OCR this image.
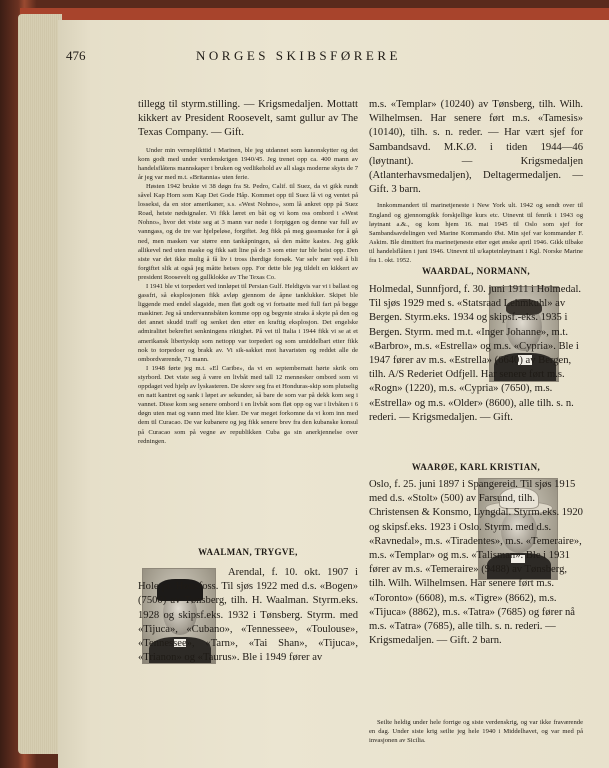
476	NORGES SKIBSFØRERE

tillegg til styrm.stilling. — Krigsmedaljen. Mottatt kikkert av President Roosevelt, samt gullur av The Texas Company. — Gift.

Under min verneplikttid i Marinen, ble jeg utdannet som kanonskytter og det kom godt med under verdenskrigen 1940/45. Jeg trenet opp ca. 400 mann av handelsflåtens mannskaper i bruken og vedlikehold av all slags moderne skyts de 7 år jeg var med m.t. «Britannia» uten ferie.

Høsten 1942 brukte vi 38 døgn fra St. Pedro, Calif. til Suez, da vi gikk rundt såvel Kap Horn som Kap Det Gode Håp. Kommet opp til Suez lå vi og ventet på losseksi, da en stor amerikaner, s.s. «West Nohno», som lå ankret opp på Suez Road, heiste nødsignaler. Vi fikk læret en båt og vi kom oss ombord i «West Nohno», hvor det viste seg at 3 mann var nede i forpiggen og denne var full av vanngass, og de tre var hjelpeløse, forgiftet. Jeg fikk på meg gassmaske for å gå ned, men masken var større enn tankåpningen, så den måtte kastes. Jeg gikk allikevel ned uten maske og fikk satt line på de 3 som etter tur ble heist opp. Den siste var det ikke mulig å få liv i tross iherdige forsøk. Var selv nær ved å bli forgiftet slik at også jeg måtte heises opp. For dette ble jeg tildelt en kikkert av president Roosevelt og gullklokke av The Texas Co.

I 1941 ble vi torpedert ved innløpet til Persian Gulf. Heldigvis var vi i ballast og gassfri, så eksplosjonen fikk avløp gjennom de åpne tanklukker. Skipet ble liggende med endel slagside, men fløt godt og vi fortsatte med full fart på begge maskiner. Jeg så undervannsbåten komme opp og begynte straks å skyte på den og det annet skudd traff og senket den etter en kraftig eksplosjon. Det engelske admiralitet bekreftet senkningens riktighet. På vei til Italia i 1944 fikk vi se at et amerikansk libertyskip som nettopp var torpedert og som umiddelbart etter fikk nok to torpedoer og brakk av. Vi sik-sakket mot havaristen og reddet alle de ombordværende, 71 mann.

I 1948 førte jeg m.t. «El Caribe», da vi en septembernatt hørte skrik om styrbord. Det viste seg å være en livbåt med tall 12 mennesker ombord som vi oppdaget ved hjelp av lyskasteren. De skrev seg fra et Honduras-skip som plutselig en natt kantret og sank i løpet av sekunder, så bare de som var på dekk kom seg i vannet. Disse kom seg senere ombord i en livbåt som fløt opp og var i livbåten i 6 døgn uten mat og vann med lite klær. De var meget forkomne da vi kom inn med dem til Curacao. De var kubanere og jeg fikk senere brev fra den kubanske konsul på Curacao som på vegne av republikken Cuba ga sin anerkjennelse over redningen.

WAALMAN, TRYGVE,

Arendal, f. 10. okt. 1907 i Hole pr. Hønefoss. Til sjøs 1922 med d.s. «Bogen» (7500) av Tønsberg, tilh. H. Waalman. Styrm.eks. 1928 og skipsf.eks. 1932 i Tønsberg. Styrm. med «Tijuca», «Cubano», «Tennessee», «Toulouse», «Tennessee», «Tarn», «Tai Shan», «Tijuca», «Trianon» og «Taurus». Ble i 1949 fører av

m.s. «Templar» (10240) av Tønsberg, tilh. Wilh. Wilhelmsen. Har senere ført m.s. «Tamesis» (10140), tilh. s. n. reder. — Har vært sjef for Sambandsavd. M.K.Ø. i tiden 1944—46 (løytnant). — Krigsmedaljen (Atlanterhavsmedaljen), Deltagermedaljen. — Gift. 3 barn.

Innkommandert til marinetjeneste i New York ult. 1942 og sendt over til England og gjennomgikk forskjellige kurs etc. Utnevnt til fenrik i 1943 og løytnant a.&., og kom hjem 16. mai 1945 til Oslo som sjef for Sambandsavdelingen ved Marine Kommando Øst. Min sjef var kommandør F. Askim. Ble dimittert fra marinetjeneste etter eget ønske april 1946. Gikk tilbake til handelsflåten i juni 1946. Utnevnt til u/kapteinløytnant i Kgl. Norske Marine fra 1. okt. 1952.

WAARDAL, NORMANN,

Holmedal, Sunnfjord, f. 30. juni 1911 i Holmedal. Til sjøs 1929 med s. «Statsraad Lehmkuhl» av Bergen. Styrm.eks. 1934 og skipsf.-eks. 1935 i Bergen. Styrm. med m.t. «Inger Johanne», m.t. «Barbro», m.s. «Estrella» og m.s. «Cypria». Ble i 1947 fører av m.s. «Estrella» (6640) av Bergen, tilh. A/S Rederiet Odfjell. Har senere ført m.s. «Rogn» (1220), m.s. «Cypria» (7650), m.s. «Estrella» og m.s. «Older» (8600), alle tilh. s. n. rederi. — Krigsmedaljen. — Gift.

WAARØE, KARL KRISTIAN,

Oslo, f. 25. juni 1897 i Spangereid. Til sjøs 1915 med d.s. «Stolt» (500) av Farsund, tilh. Christensen & Konsmo, Lyngdal. Styrm.eks. 1920 og skipsf.eks. 1923 i Oslo. Styrm. med d.s. «Ravnedal», m.s. «Tiradentes», m.s. «Temeraire», m.s. «Templar» og m.s. «Talisman». Ble i 1931 fører av m.s. «Temeraire» (9488) av Tønsberg, tilh. Wilh. Wilhelmsen. Har senere ført m.s. «Toronto» (6608), m.s. «Tigre» (8662), m.s. «Tijuca» (8862), m.s. «Tatra» (7685) og fører nå m.s. «Tatra» (7685), alle tilh. s. n. rederi. — Krigsmedaljen. — Gift. 2 barn.

Seilte heldig under hele forrige og siste verdenskrig, og var ikke fraværende en dag. Under siste krig seilte jeg hele 1940 i Middelhavet, og var med på invasjonen av Sicilia.
